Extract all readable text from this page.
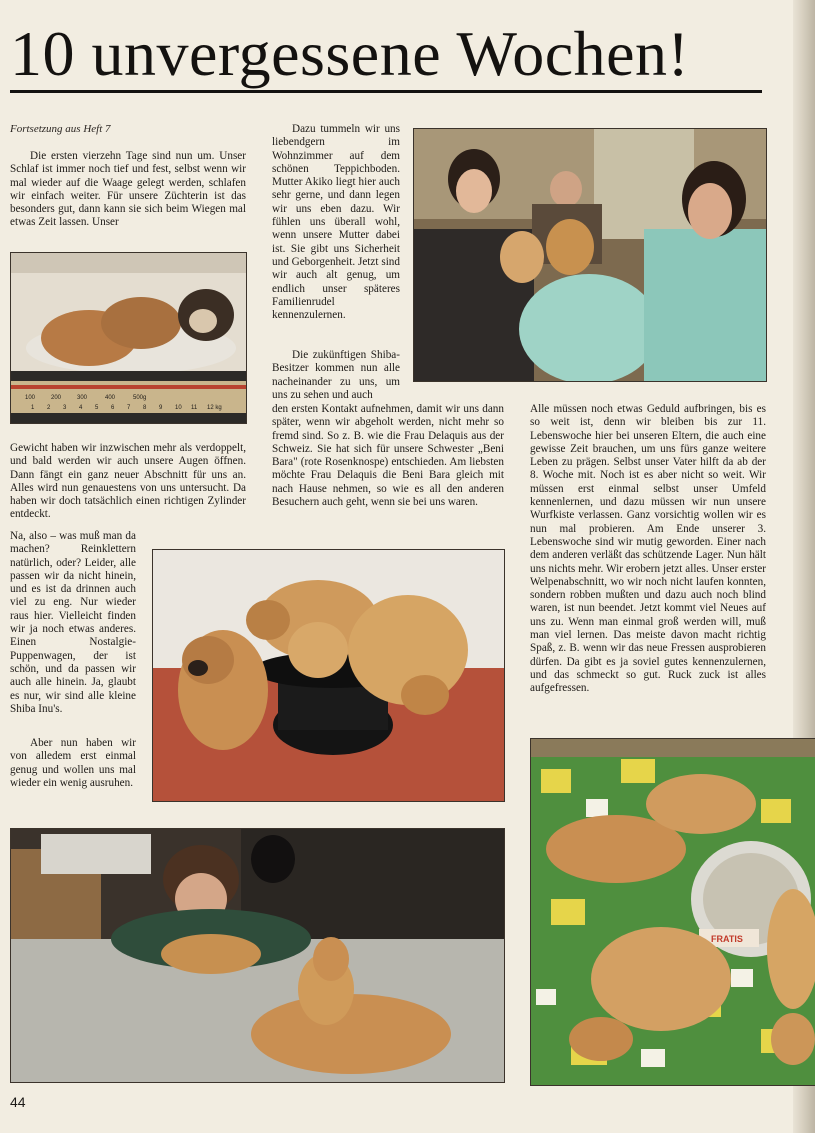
10 unvergessene Wochen!

Fortsetzung aus Heft 7

Die ersten vierzehn Tage sind nun um. Unser Schlaf ist immer noch tief und fest, selbst wenn wir mal wieder auf die Waage gelegt werden, schlafen wir einfach weiter. Für unsere Züchterin ist das besonders gut, dann kann sie sich beim Wiegen mal etwas Zeit lassen. Unser

100	200	300	400	500g
1 2 3 4 5 6 7 8 9 10 11 12 kg

Gewicht haben wir inzwischen mehr als verdoppelt, und bald werden wir auch unsere Augen öffnen. Dann fängt ein ganz neuer Abschnitt für uns an. Alles wird nun genauestens von uns untersucht. Da haben wir doch tatsächlich einen richtigen Zylinder entdeckt.

Na, also – was muß man da machen? Reinklettern natürlich, oder? Leider, alle passen wir da nicht hinein, und es ist da drinnen auch viel zu eng. Nur wieder raus hier. Vielleicht finden wir ja noch etwas anderes. Einen Nostalgie-Puppenwagen, der ist schön, und da passen wir auch alle hinein. Ja, glaubt es nur, wir sind alle kleine Shiba Inu's.

Aber nun haben wir von alledem erst einmal genug und wollen uns mal wieder ein wenig ausruhen.

Dazu tummeln wir uns liebendgern im Wohnzimmer auf dem schönen Teppichboden. Mutter Akiko liegt hier auch sehr gerne, und dann legen wir uns eben dazu. Wir fühlen uns überall wohl, wenn unsere Mutter dabei ist. Sie gibt uns Sicherheit und Geborgenheit. Jetzt sind wir auch alt genug, um endlich unser späteres Familienrudel kennenzulernen.

Die zukünftigen Shiba-Besitzer kommen nun alle nacheinander zu uns, um uns zu sehen und auch

den ersten Kontakt aufnehmen, damit wir uns dann später, wenn wir abgeholt werden, nicht mehr so fremd sind. So z. B. wie die Frau Delaquis aus der Schweiz. Sie hat sich für unsere Schwester „Beni Bara" (rote Rosenknospe) entschieden. Am liebsten möchte Frau Delaquis die Beni Bara gleich mit nach Hause nehmen, so wie es all den anderen Besuchern auch geht, wenn sie bei uns waren.

Alle müssen noch etwas Geduld aufbringen, bis es so weit ist, denn wir bleiben bis zur 11. Lebenswoche hier bei unseren Eltern, die auch eine gewisse Zeit brauchen, um uns fürs ganze weitere Leben zu prägen. Selbst unser Vater hilft da ab der 8. Woche mit. Noch ist es aber nicht so weit. Wir müssen erst einmal selbst unser Umfeld kennenlernen, und dazu müssen wir nun unsere Wurfkiste verlassen. Ganz vorsichtig wollen wir es nun mal probieren. Am Ende unserer 3. Lebenswoche sind wir mutig geworden. Einer nach dem anderen verläßt das schützende Lager. Nun hält uns nichts mehr. Wir erobern jetzt alles. Unser erster Welpenabschnitt, wo wir noch nicht laufen konnten, sondern robben mußten und dazu auch noch blind waren, ist nun beendet. Jetzt kommt viel Neues auf uns zu. Wenn man einmal groß werden will, muß man viel lernen. Das meiste davon macht richtig Spaß, z. B. wenn wir das neue Fressen ausprobieren dürfen. Da gibt es ja soviel gutes kennenzulernen, und das schmeckt so gut. Ruck zuck ist alles aufgefressen.

FRATIS

44
